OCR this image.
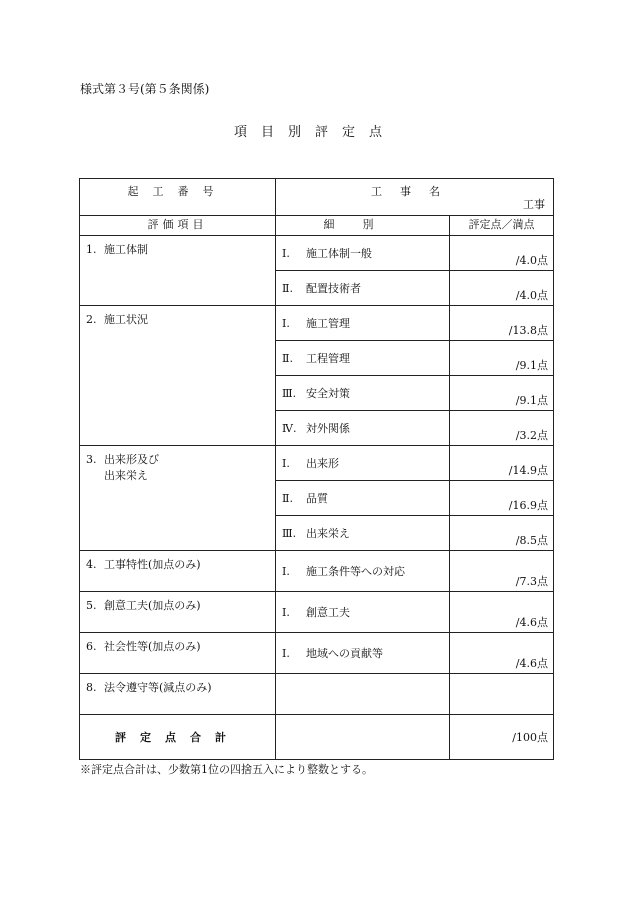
様式第３号(第５条関係)
項目別評定点
起工番号	工事名
工事	

評価項目	細別	評定点／満点
1. 施工体制	Ⅰ. 施工体制一般	/4.0点

	Ⅱ. 配置技術者	/4.0点

2. 施工状況	Ⅰ. 施工管理	/13.8点

	Ⅱ. 工程管理	/9.1点

	Ⅲ. 安全対策	/9.1点

	Ⅳ. 対外関係	/3.2点

3. 出来形及び
出来栄え	Ⅰ. 出来形	/14.9点

	Ⅱ. 品質	/16.9点

	Ⅲ. 出来栄え	/8.5点

4. 工事特性(加点のみ)	Ⅰ. 施工条件等への対応	/7.3点

5. 創意工夫(加点のみ)	Ⅰ. 創意工夫	/4.6点

6. 社会性等(加点のみ)	Ⅰ. 地域への貢献等	/4.6点

8. 法令遵守等(減点のみ)		
評定点合計		/100点
※評定点合計は、少数第1位の四捨五入により整数とする。
